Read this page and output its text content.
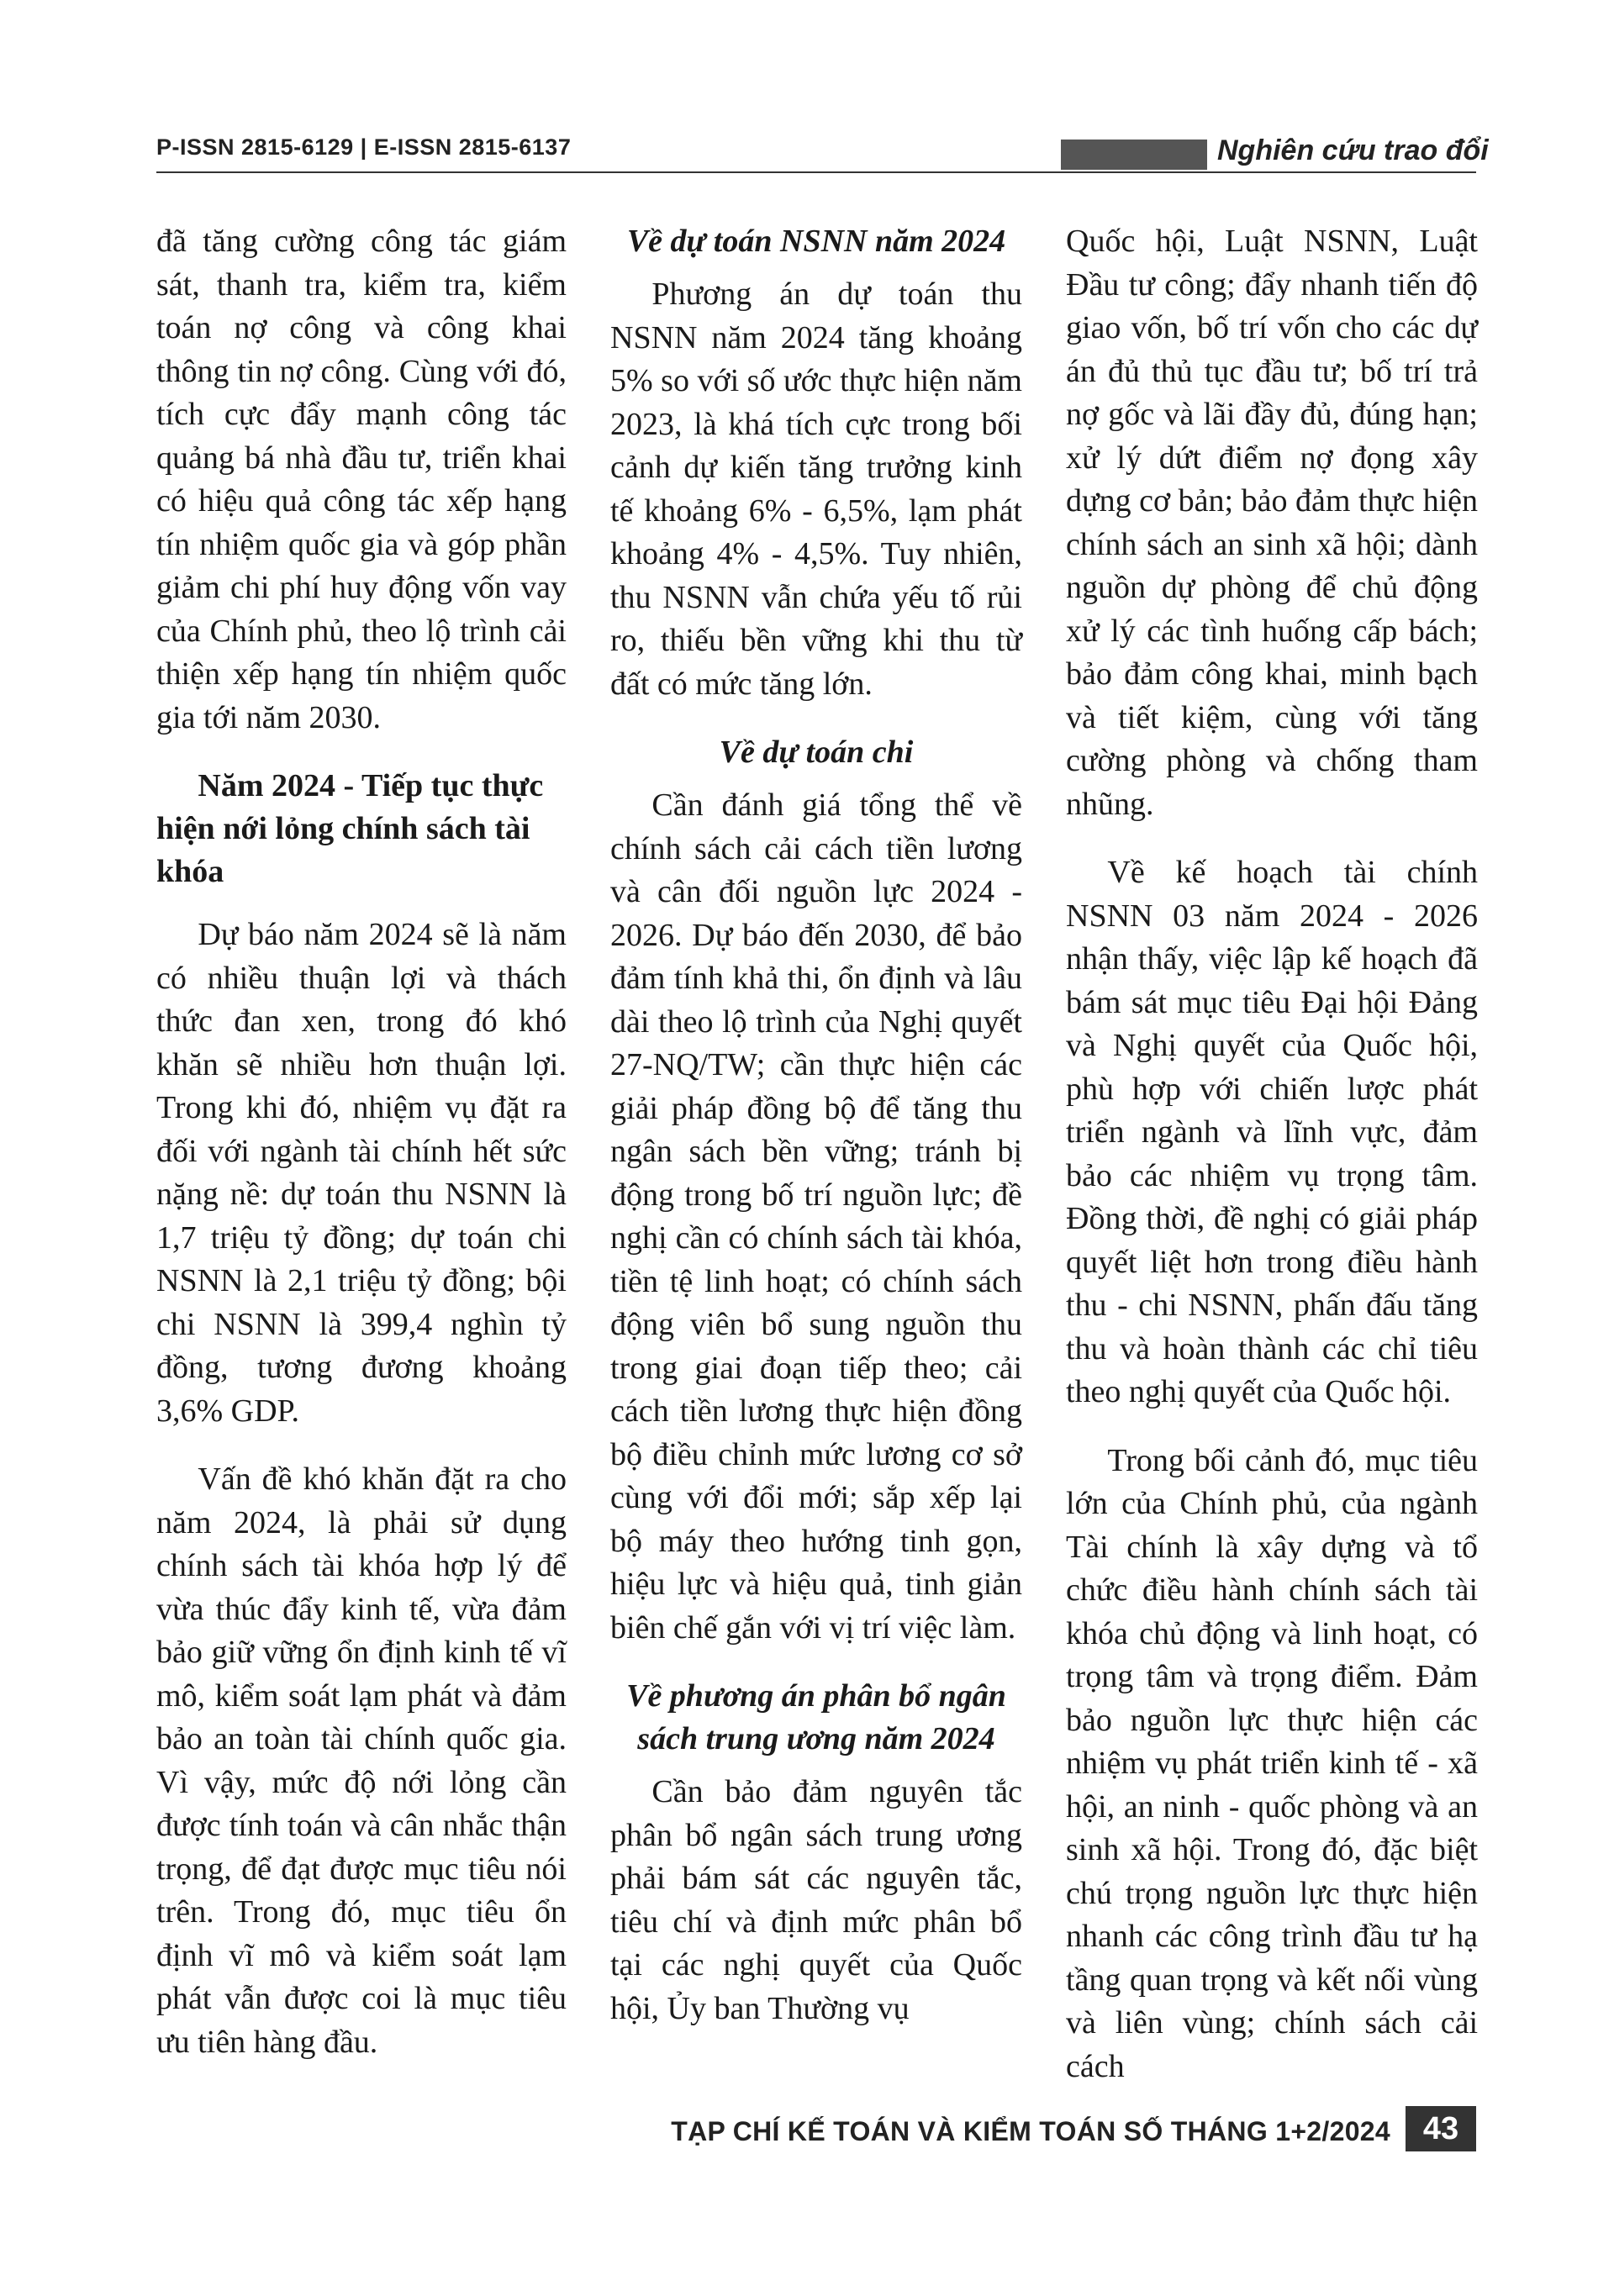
P-ISSN 2815-6129 | E-ISSN 2815-6137	Nghiên cứu trao đổi

đã tăng cường công tác giám sát, thanh tra, kiểm tra, kiểm toán nợ công và công khai thông tin nợ công. Cùng với đó, tích cực đẩy mạnh công tác quảng bá nhà đầu tư, triển khai có hiệu quả công tác xếp hạng tín nhiệm quốc gia và góp phần giảm chi phí huy động vốn vay của Chính phủ, theo lộ trình cải thiện xếp hạng tín nhiệm quốc gia tới năm 2030.

Năm 2024 - Tiếp tục thực hiện nới lỏng chính sách tài khóa

Dự báo năm 2024 sẽ là năm có nhiều thuận lợi và thách thức đan xen, trong đó khó khăn sẽ nhiều hơn thuận lợi. Trong khi đó, nhiệm vụ đặt ra đối với ngành tài chính hết sức nặng nề: dự toán thu NSNN là 1,7 triệu tỷ đồng; dự toán chi NSNN là 2,1 triệu tỷ đồng; bội chi NSNN là 399,4 nghìn tỷ đồng, tương đương khoảng 3,6% GDP.

Vấn đề khó khăn đặt ra cho năm 2024, là phải sử dụng chính sách tài khóa hợp lý để vừa thúc đẩy kinh tế, vừa đảm bảo giữ vững ổn định kinh tế vĩ mô, kiểm soát lạm phát và đảm bảo an toàn tài chính quốc gia. Vì vậy, mức độ nới lỏng cần được tính toán và cân nhắc thận trọng, để đạt được mục tiêu nói trên. Trong đó, mục tiêu ổn định vĩ mô và kiểm soát lạm phát vẫn được coi là mục tiêu ưu tiên hàng đầu.

Về dự toán NSNN năm 2024

Phương án dự toán thu NSNN năm 2024 tăng khoảng 5% so với số ước thực hiện năm 2023, là khá tích cực trong bối cảnh dự kiến tăng trưởng kinh tế khoảng 6% - 6,5%, lạm phát khoảng 4% - 4,5%. Tuy nhiên, thu NSNN vẫn chứa yếu tố rủi ro, thiếu bền vững khi thu từ đất có mức tăng lớn.

Về dự toán chi

Cần đánh giá tổng thể về chính sách cải cách tiền lương và cân đối nguồn lực 2024 - 2026. Dự báo đến 2030, để bảo đảm tính khả thi, ổn định và lâu dài theo lộ trình của Nghị quyết 27-NQ/TW; cần thực hiện các giải pháp đồng bộ để tăng thu ngân sách bền vững; tránh bị động trong bố trí nguồn lực; đề nghị cần có chính sách tài khóa, tiền tệ linh hoạt; có chính sách động viên bổ sung nguồn thu trong giai đoạn tiếp theo; cải cách tiền lương thực hiện đồng bộ điều chỉnh mức lương cơ sở cùng với đổi mới; sắp xếp lại bộ máy theo hướng tinh gọn, hiệu lực và hiệu quả, tinh giản biên chế gắn với vị trí việc làm.

Về phương án phân bổ ngân sách trung ương năm 2024

Cần bảo đảm nguyên tắc phân bổ ngân sách trung ương phải bám sát các nguyên tắc, tiêu chí và định mức phân bổ tại các nghị quyết của Quốc hội, Ủy ban Thường vụ

Quốc hội, Luật NSNN, Luật Đầu tư công; đẩy nhanh tiến độ giao vốn, bố trí vốn cho các dự án đủ thủ tục đầu tư; bố trí trả nợ gốc và lãi đầy đủ, đúng hạn; xử lý dứt điểm nợ đọng xây dựng cơ bản; bảo đảm thực hiện chính sách an sinh xã hội; dành nguồn dự phòng để chủ động xử lý các tình huống cấp bách; bảo đảm công khai, minh bạch và tiết kiệm, cùng với tăng cường phòng và chống tham nhũng.

Về kế hoạch tài chính NSNN 03 năm 2024 - 2026 nhận thấy, việc lập kế hoạch đã bám sát mục tiêu Đại hội Đảng và Nghị quyết của Quốc hội, phù hợp với chiến lược phát triển ngành và lĩnh vực, đảm bảo các nhiệm vụ trọng tâm. Đồng thời, đề nghị có giải pháp quyết liệt hơn trong điều hành thu - chi NSNN, phấn đấu tăng thu và hoàn thành các chỉ tiêu theo nghị quyết của Quốc hội.

Trong bối cảnh đó, mục tiêu lớn của Chính phủ, của ngành Tài chính là xây dựng và tổ chức điều hành chính sách tài khóa chủ động và linh hoạt, có trọng tâm và trọng điểm. Đảm bảo nguồn lực thực hiện các nhiệm vụ phát triển kinh tế - xã hội, an ninh - quốc phòng và an sinh xã hội. Trong đó, đặc biệt chú trọng nguồn lực thực hiện nhanh các công trình đầu tư hạ tầng quan trọng và kết nối vùng và liên vùng; chính sách cải cách

TẠP CHÍ KẾ TOÁN VÀ KIỂM TOÁN SỐ THÁNG 1+2/2024	43
